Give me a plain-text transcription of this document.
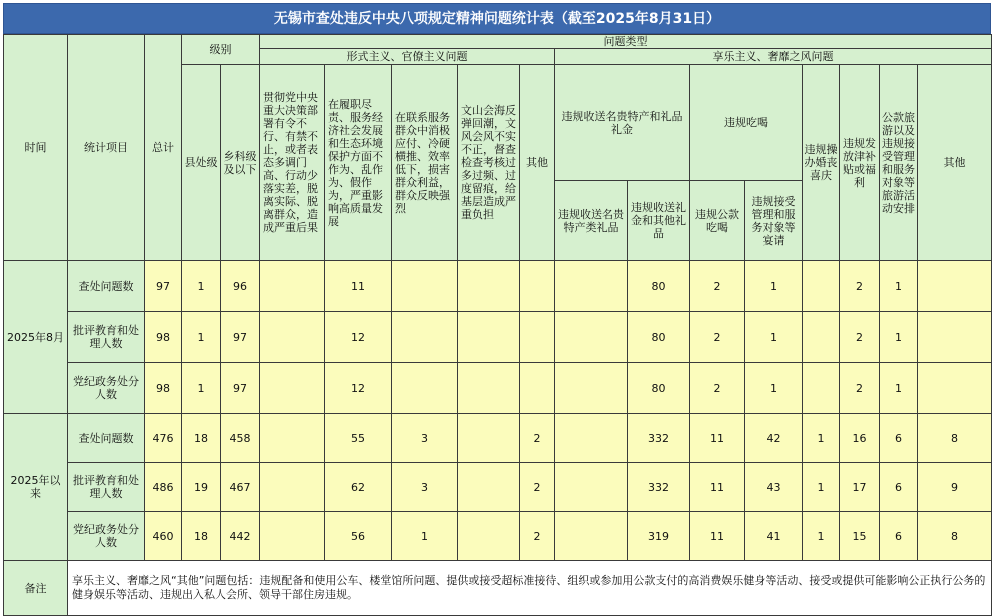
无锡市查处违反中央八项规定精神问题统计表（截至2025年8月31日）
时间	统计项目	总计	级别		问题类型												
					形式主义、官僚主义问题					享乐主义、奢靡之风问题							
			县处级	乡科级及以下	贯彻党中央重大决策部署有令不行、有禁不止，或者表态多调门高、行动少落实差，脱离实际、脱离群众，造成严重后果	在履职尽责、服务经济社会发展和生态环境保护方面不作为、乱作为、假作为，严重影响高质量发展	在联系服务群众中消极应付、冷硬横推、效率低下，损害群众利益，群众反映强烈	文山会海反弹回潮，文风会风不实不正，督查检查考核过多过频、过度留痕，给基层造成严重负担	其他	违规收送名贵特产和礼品礼金		违规吃喝		违规操办婚丧喜庆	违规发放津补贴或福利	公款旅游以及违规接受管理和服务对象等旅游活动安排	其他
										违规收送名贵特产类礼品	违规收送礼金和其他礼品	违规公款吃喝	违规接受管理和服务对象等宴请				
2025年8月	查处问题数	97	1	96		11					80	2	1		2	1	
	批评教育和处理人数	98	1	97		12					80	2	1		2	1	
	党纪政务处分人数	98	1	97		12					80	2	1		2	1	
2025年以来	查处问题数	476	18	458		55	3		2		332	11	42	1	16	6	8
	批评教育和处理人数	486	19	467		62	3		2		332	11	43	1	17	6	9
	党纪政务处分人数	460	18	442		56	1		2		319	11	41	1	15	6	8
备注	享乐主义、奢靡之风“其他”问题包括：违规配备和使用公车、楼堂馆所问题、提供或接受超标准接待、组织或参加用公款支付的高消费娱乐健身等活动、接受或提供可能影响公正执行公务的健身娱乐等活动、违规出入私人会所、领导干部住房违规。																
